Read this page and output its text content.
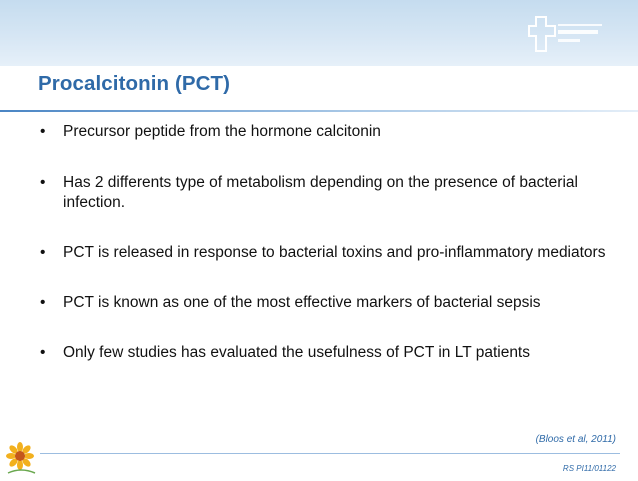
Procalcitonin (PCT)
• Precursor peptide from the hormone calcitonin
• Has 2 differents type of metabolism depending on the presence of bacterial infection.
• PCT is released in response to bacterial toxins and pro-inflammatory mediators
• PCT is known as one of the most effective markers of bacterial sepsis
• Only few studies has evaluated the usefulness of PCT in LT patients
(Bloos et al, 2011)
RS PI11/01122
